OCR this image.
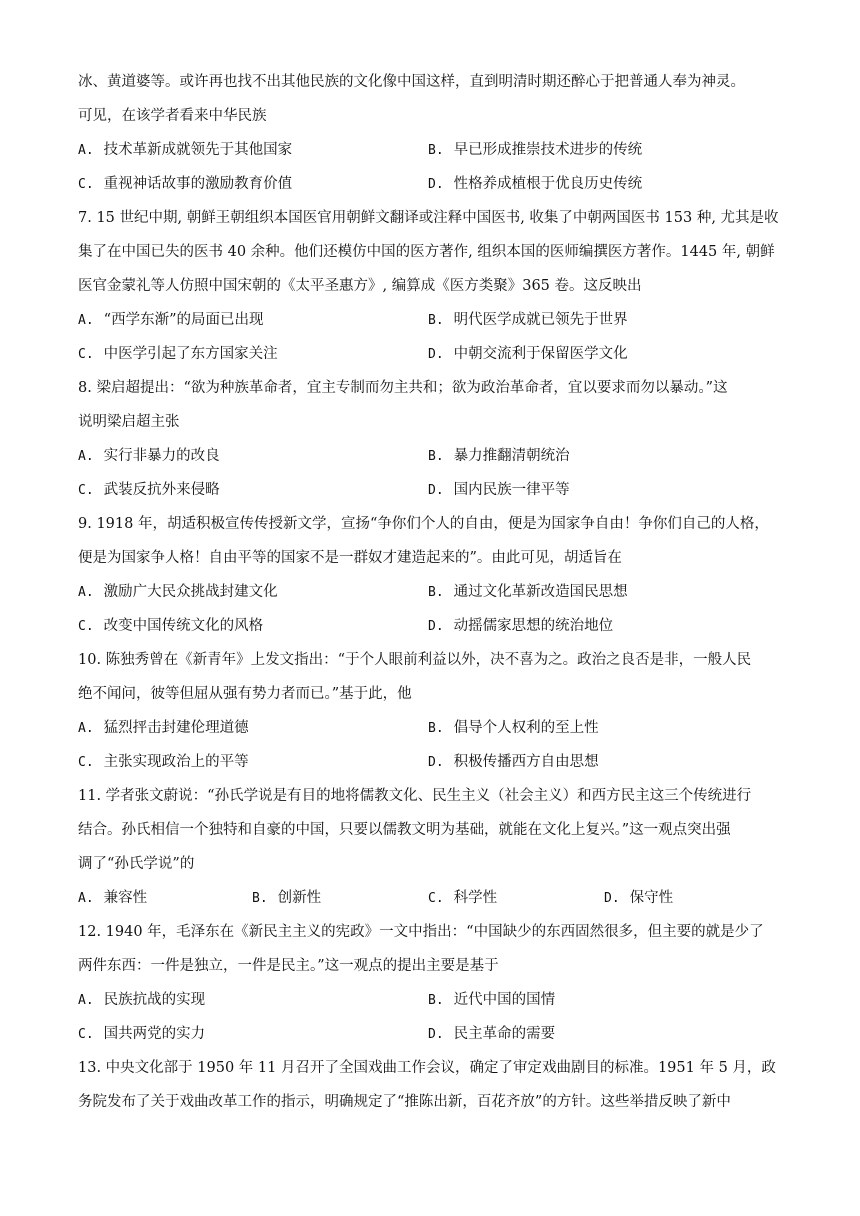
冰、黄道婆等。或许再也找不出其他民族的文化像中国这样，直到明清时期还醉心于把普通人奉为神灵。
可见，在该学者看来中华民族
A. 技术革新成就领先于其他国家	B. 早已形成推崇技术进步的传统
C. 重视神话故事的激励教育价值	D. 性格养成植根于优良历史传统
7. 15 世纪中期, 朝鲜王朝组织本国医官用朝鲜文翻译或注释中国医书, 收集了中朝两国医书 153 种, 尤其是收
集了在中国已失的医书 40 余种。他们还模仿中国的医方著作, 组织本国的医师编撰医方著作。1445 年, 朝鲜
医官金蒙礼等人仿照中国宋朝的《太平圣惠方》, 编算成《医方类聚》365 卷。这反映出
A. “西学东渐”的局面已出现	B. 明代医学成就已领先于世界
C. 中医学引起了东方国家关注	D. 中朝交流利于保留医学文化
8. 梁启超提出：“欲为种族革命者，宜主专制而勿主共和；欲为政治革命者，宜以要求而勿以暴动。”这
说明梁启超主张
A. 实行非暴力的改良	B. 暴力推翻清朝统治
C. 武装反抗外来侵略	D. 国内民族一律平等
9. 1918 年，胡适积极宣传传授新文学，宣扬“争你们个人的自由，便是为国家争自由！争你们自己的人格，
便是为国家争人格！自由平等的国家不是一群奴才建造起来的”。由此可见，胡适旨在
A. 激励广大民众挑战封建文化	B. 通过文化革新改造国民思想
C. 改变中国传统文化的风格	D. 动摇儒家思想的统治地位
10. 陈独秀曾在《新青年》上发文指出：“于个人眼前利益以外，决不喜为之。政治之良否是非，一般人民
绝不闻问，彼等但屈从强有势力者而已。”基于此，他
A. 猛烈抨击封建伦理道德	B. 倡导个人权利的至上性
C. 主张实现政治上的平等	D. 积极传播西方自由思想
11. 学者张文蔚说：“孙氏学说是有目的地将儒教文化、民生主义（社会主义）和西方民主这三个传统进行
结合。孙氏相信一个独特和自豪的中国，只要以儒教文明为基础，就能在文化上复兴。”这一观点突出强
调了“孙氏学说”的
A. 兼容性	B. 创新性	C. 科学性	D. 保守性
12. 1940 年，毛泽东在《新民主主义的宪政》一文中指出：“中国缺少的东西固然很多，但主要的就是少了
两件东西：一件是独立，一件是民主。”这一观点的提出主要是基于
A. 民族抗战的实现	B. 近代中国的国情
C. 国共两党的实力	D. 民主革命的需要
13. 中央文化部于 1950 年 11 月召开了全国戏曲工作会议，确定了审定戏曲剧目的标准。1951 年 5 月，政
务院发布了关于戏曲改革工作的指示，明确规定了“推陈出新，百花齐放”的方针。这些举措反映了新中
